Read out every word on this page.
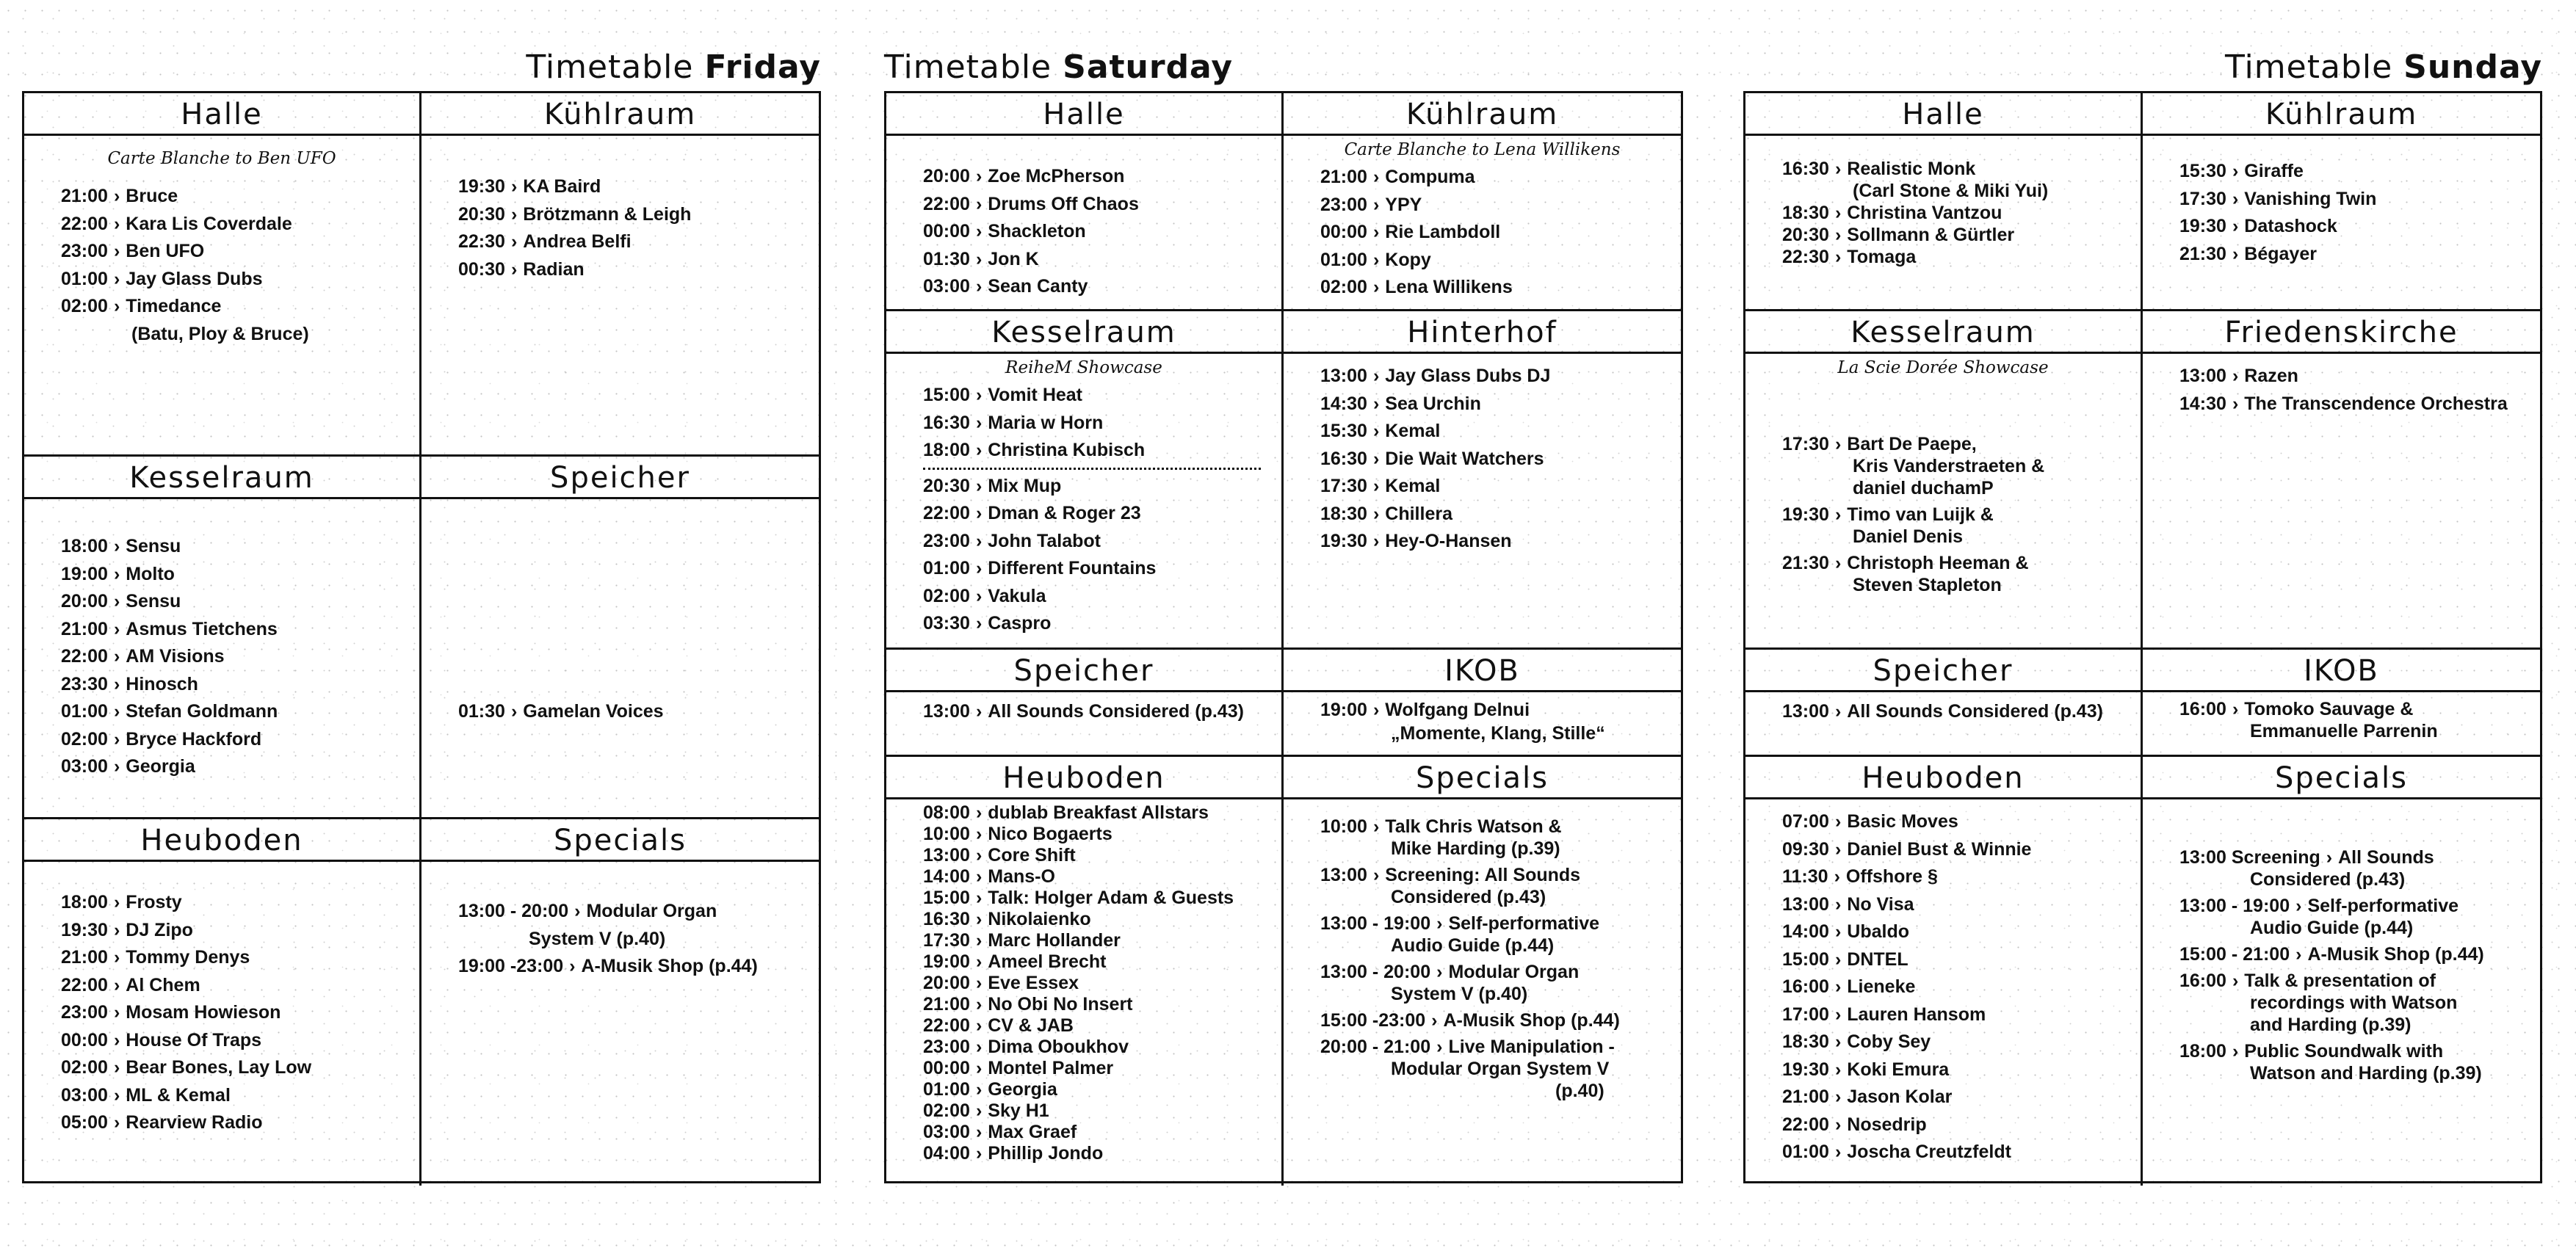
Timetable Friday
Halle
Carte Blanche to Ben UFO
21:00 › Bruce
22:00 › Kara Lis Coverdale
23:00 › Ben UFO
01:00 › Jay Glass Dubs
02:00 › Timedance
(Batu, Ploy & Bruce)
Kühlraum
19:30 › KA Baird
20:30 › Brötzmann & Leigh
22:30 › Andrea Belfi
00:30 › Radian
Kesselraum
18:00 › Sensu
19:00 › Molto
20:00 › Sensu
21:00 › Asmus Tietchens
22:00 › AM Visions
23:30 › Hinosch
01:00 › Stefan Goldmann
02:00 › Bryce Hackford
03:00 › Georgia
Speicher
01:30 › Gamelan Voices
Heuboden
18:00 › Frosty
19:30 › DJ Zipo
21:00 › Tommy Denys
22:00 › Al Chem
23:00 › Mosam Howieson
00:00 › House Of Traps
02:00 › Bear Bones, Lay Low
03:00 › ML & Kemal
05:00 › Rearview Radio
Specials
13:00 - 20:00 › Modular Organ
System V (p.40)
19:00 -23:00 › A-Musik Shop (p.44)
Timetable Saturday
Halle
20:00 › Zoe McPherson
22:00 › Drums Off Chaos
00:00 › Shackleton
01:30 › Jon K
03:00 › Sean Canty
Kühlraum
Carte Blanche to Lena Willikens
21:00 › Compuma
23:00 › YPY
00:00 › Rie Lambdoll
01:00 › Kopy
02:00 › Lena Willikens
Kesselraum
ReiheM Showcase
15:00 › Vomit Heat
16:30 › Maria w Horn
18:00 › Christina Kubisch
20:30 › Mix Mup
22:00 › Dman & Roger 23
23:00 › John Talabot
01:00 › Different Fountains
02:00 › Vakula
03:30 › Caspro
Hinterhof
13:00 › Jay Glass Dubs DJ
14:30 › Sea Urchin
15:30 › Kemal
16:30 › Die Wait Watchers
17:30 › Kemal
18:30 › Chillera
19:30 › Hey-O-Hansen
Speicher
13:00 › All Sounds Considered (p.43)
IKOB
19:00 › Wolfgang Delnui
„Momente, Klang, Stille“
Heuboden
08:00 › dublab Breakfast Allstars
10:00 › Nico Bogaerts
13:00 › Core Shift
14:00 › Mans-O
15:00 › Talk: Holger Adam & Guests
16:30 › Nikolaienko
17:30 › Marc Hollander
19:00 › Ameel Brecht
20:00 › Eve Essex
21:00 › No Obi No Insert
22:00 › CV & JAB
23:00 › Dima Oboukhov
00:00 › Montel Palmer
01:00 › Georgia
02:00 › Sky H1
03:00 › Max Graef
04:00 › Phillip Jondo
Specials
10:00 › Talk Chris Watson &
Mike Harding (p.39)
13:00 › Screening: All Sounds
Considered (p.43)
13:00 - 19:00 › Self-performative
Audio Guide (p.44)
13:00 - 20:00 › Modular Organ
System V (p.40)
15:00 -23:00 › A-Musik Shop (p.44)
20:00 - 21:00 › Live Manipulation -
Modular Organ System V
(p.40)
Timetable Sunday
Halle
16:30 › Realistic Monk
(Carl Stone & Miki Yui)
18:30 › Christina Vantzou
20:30 › Sollmann & Gürtler
22:30 › Tomaga
Kühlraum
15:30 › Giraffe
17:30 › Vanishing Twin
19:30 › Datashock
21:30 › Bégayer
Kesselraum
La Scie Dorée Showcase
17:30 › Bart De Paepe,
Kris Vanderstraeten &
daniel duchamP
19:30 › Timo van Luijk &
Daniel Denis
21:30 › Christoph Heeman &
Steven Stapleton
Friedenskirche
13:00 › Razen
14:30 › The Transcendence Orchestra
Speicher
13:00 › All Sounds Considered (p.43)
IKOB
16:00 › Tomoko Sauvage &
Emmanuelle Parrenin
Heuboden
07:00 › Basic Moves
09:30 › Daniel Bust & Winnie
11:30 › Offshore §
13:00 › No Visa
14:00 › Ubaldo
15:00 › DNTEL
16:00 › Lieneke
17:00 › Lauren Hansom
18:30 › Coby Sey
19:30 › Koki Emura
21:00 › Jason Kolar
22:00 › Nosedrip
01:00 › Joscha Creutzfeldt
Specials
13:00 Screening › All Sounds
Considered (p.43)
13:00 - 19:00 › Self-performative
Audio Guide (p.44)
15:00 - 21:00 › A-Musik Shop (p.44)
16:00 › Talk & presentation of
recordings with Watson
and Harding (p.39)
18:00 › Public Soundwalk with
Watson and Harding (p.39)
